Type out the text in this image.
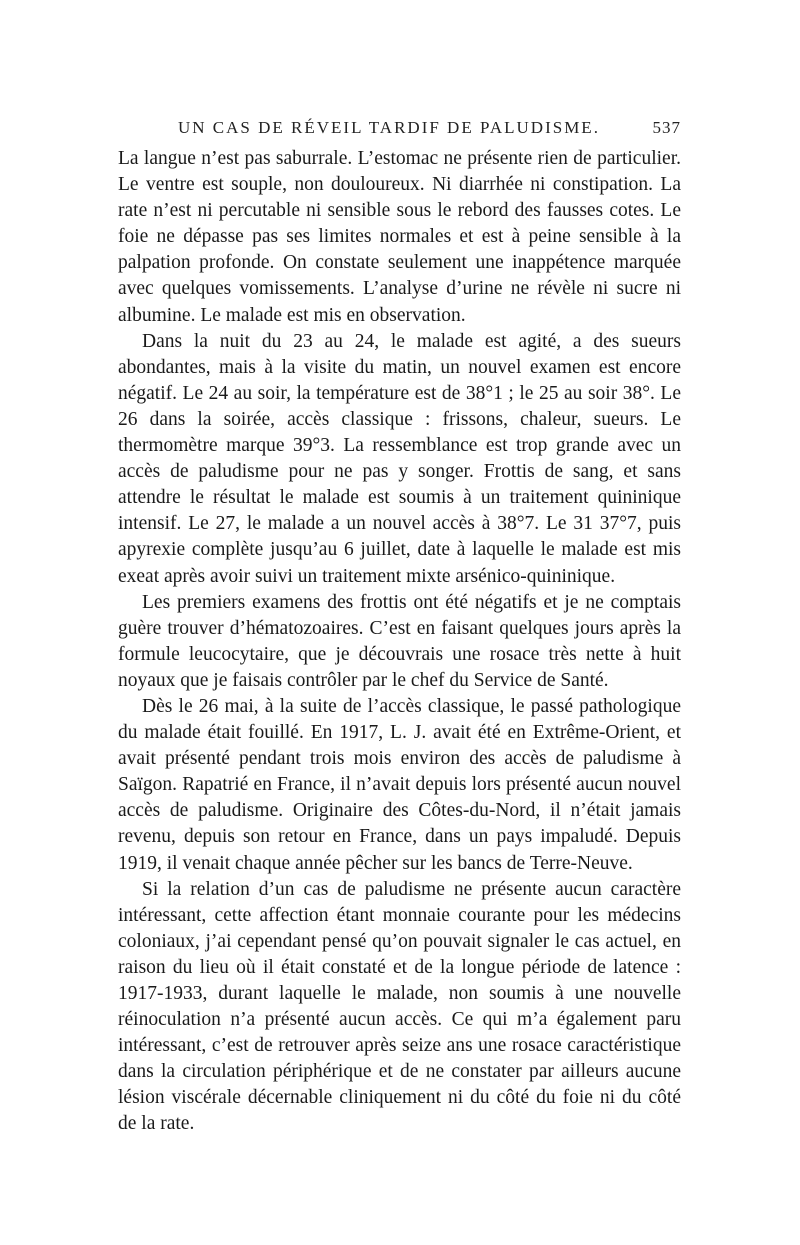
UN CAS DE RÉVEIL TARDIF DE PALUDISME.	537

La langue n’est pas saburrale. L’estomac ne présente rien de particulier. Le ventre est souple, non douloureux. Ni diarrhée ni constipation. La rate n’est ni percutable ni sensible sous le rebord des fausses cotes. Le foie ne dépasse pas ses limites normales et est à peine sensible à la palpation profonde. On constate seulement une inappétence marquée avec quelques vomissements. L’analyse d’urine ne révèle ni sucre ni albumine. Le malade est mis en observation.

Dans la nuit du 23 au 24, le malade est agité, a des sueurs abondantes, mais à la visite du matin, un nouvel examen est encore négatif. Le 24 au soir, la température est de 38°1 ; le 25 au soir 38°. Le 26 dans la soirée, accès classique : frissons, chaleur, sueurs. Le thermomètre marque 39°3. La ressemblance est trop grande avec un accès de paludisme pour ne pas y songer. Frottis de sang, et sans attendre le résultat le malade est soumis à un traitement quininique intensif. Le 27, le malade a un nouvel accès à 38°7. Le 31 37°7, puis apyrexie complète jusqu’au 6 juillet, date à laquelle le malade est mis exeat après avoir suivi un traitement mixte arsénico-quininique.

Les premiers examens des frottis ont été négatifs et je ne comptais guère trouver d’hématozoaires. C’est en faisant quelques jours après la formule leucocytaire, que je découvrais une rosace très nette à huit noyaux que je faisais contrôler par le chef du Service de Santé.

Dès le 26 mai, à la suite de l’accès classique, le passé pathologique du malade était fouillé. En 1917, L. J. avait été en Extrême-Orient, et avait présenté pendant trois mois environ des accès de paludisme à Saïgon. Rapatrié en France, il n’avait depuis lors présenté aucun nouvel accès de paludisme. Originaire des Côtes-du-Nord, il n’était jamais revenu, depuis son retour en France, dans un pays impaludé. Depuis 1919, il venait chaque année pêcher sur les bancs de Terre-Neuve.

Si la relation d’un cas de paludisme ne présente aucun caractère intéressant, cette affection étant monnaie courante pour les médecins coloniaux, j’ai cependant pensé qu’on pouvait signaler le cas actuel, en raison du lieu où il était constaté et de la longue période de latence : 1917-1933, durant laquelle le malade, non soumis à une nouvelle réinoculation n’a présenté aucun accès. Ce qui m’a également paru intéressant, c’est de retrouver après seize ans une rosace caractéristique dans la circulation périphérique et de ne constater par ailleurs aucune lésion viscérale décernable cliniquement ni du côté du foie ni du côté de la rate.
